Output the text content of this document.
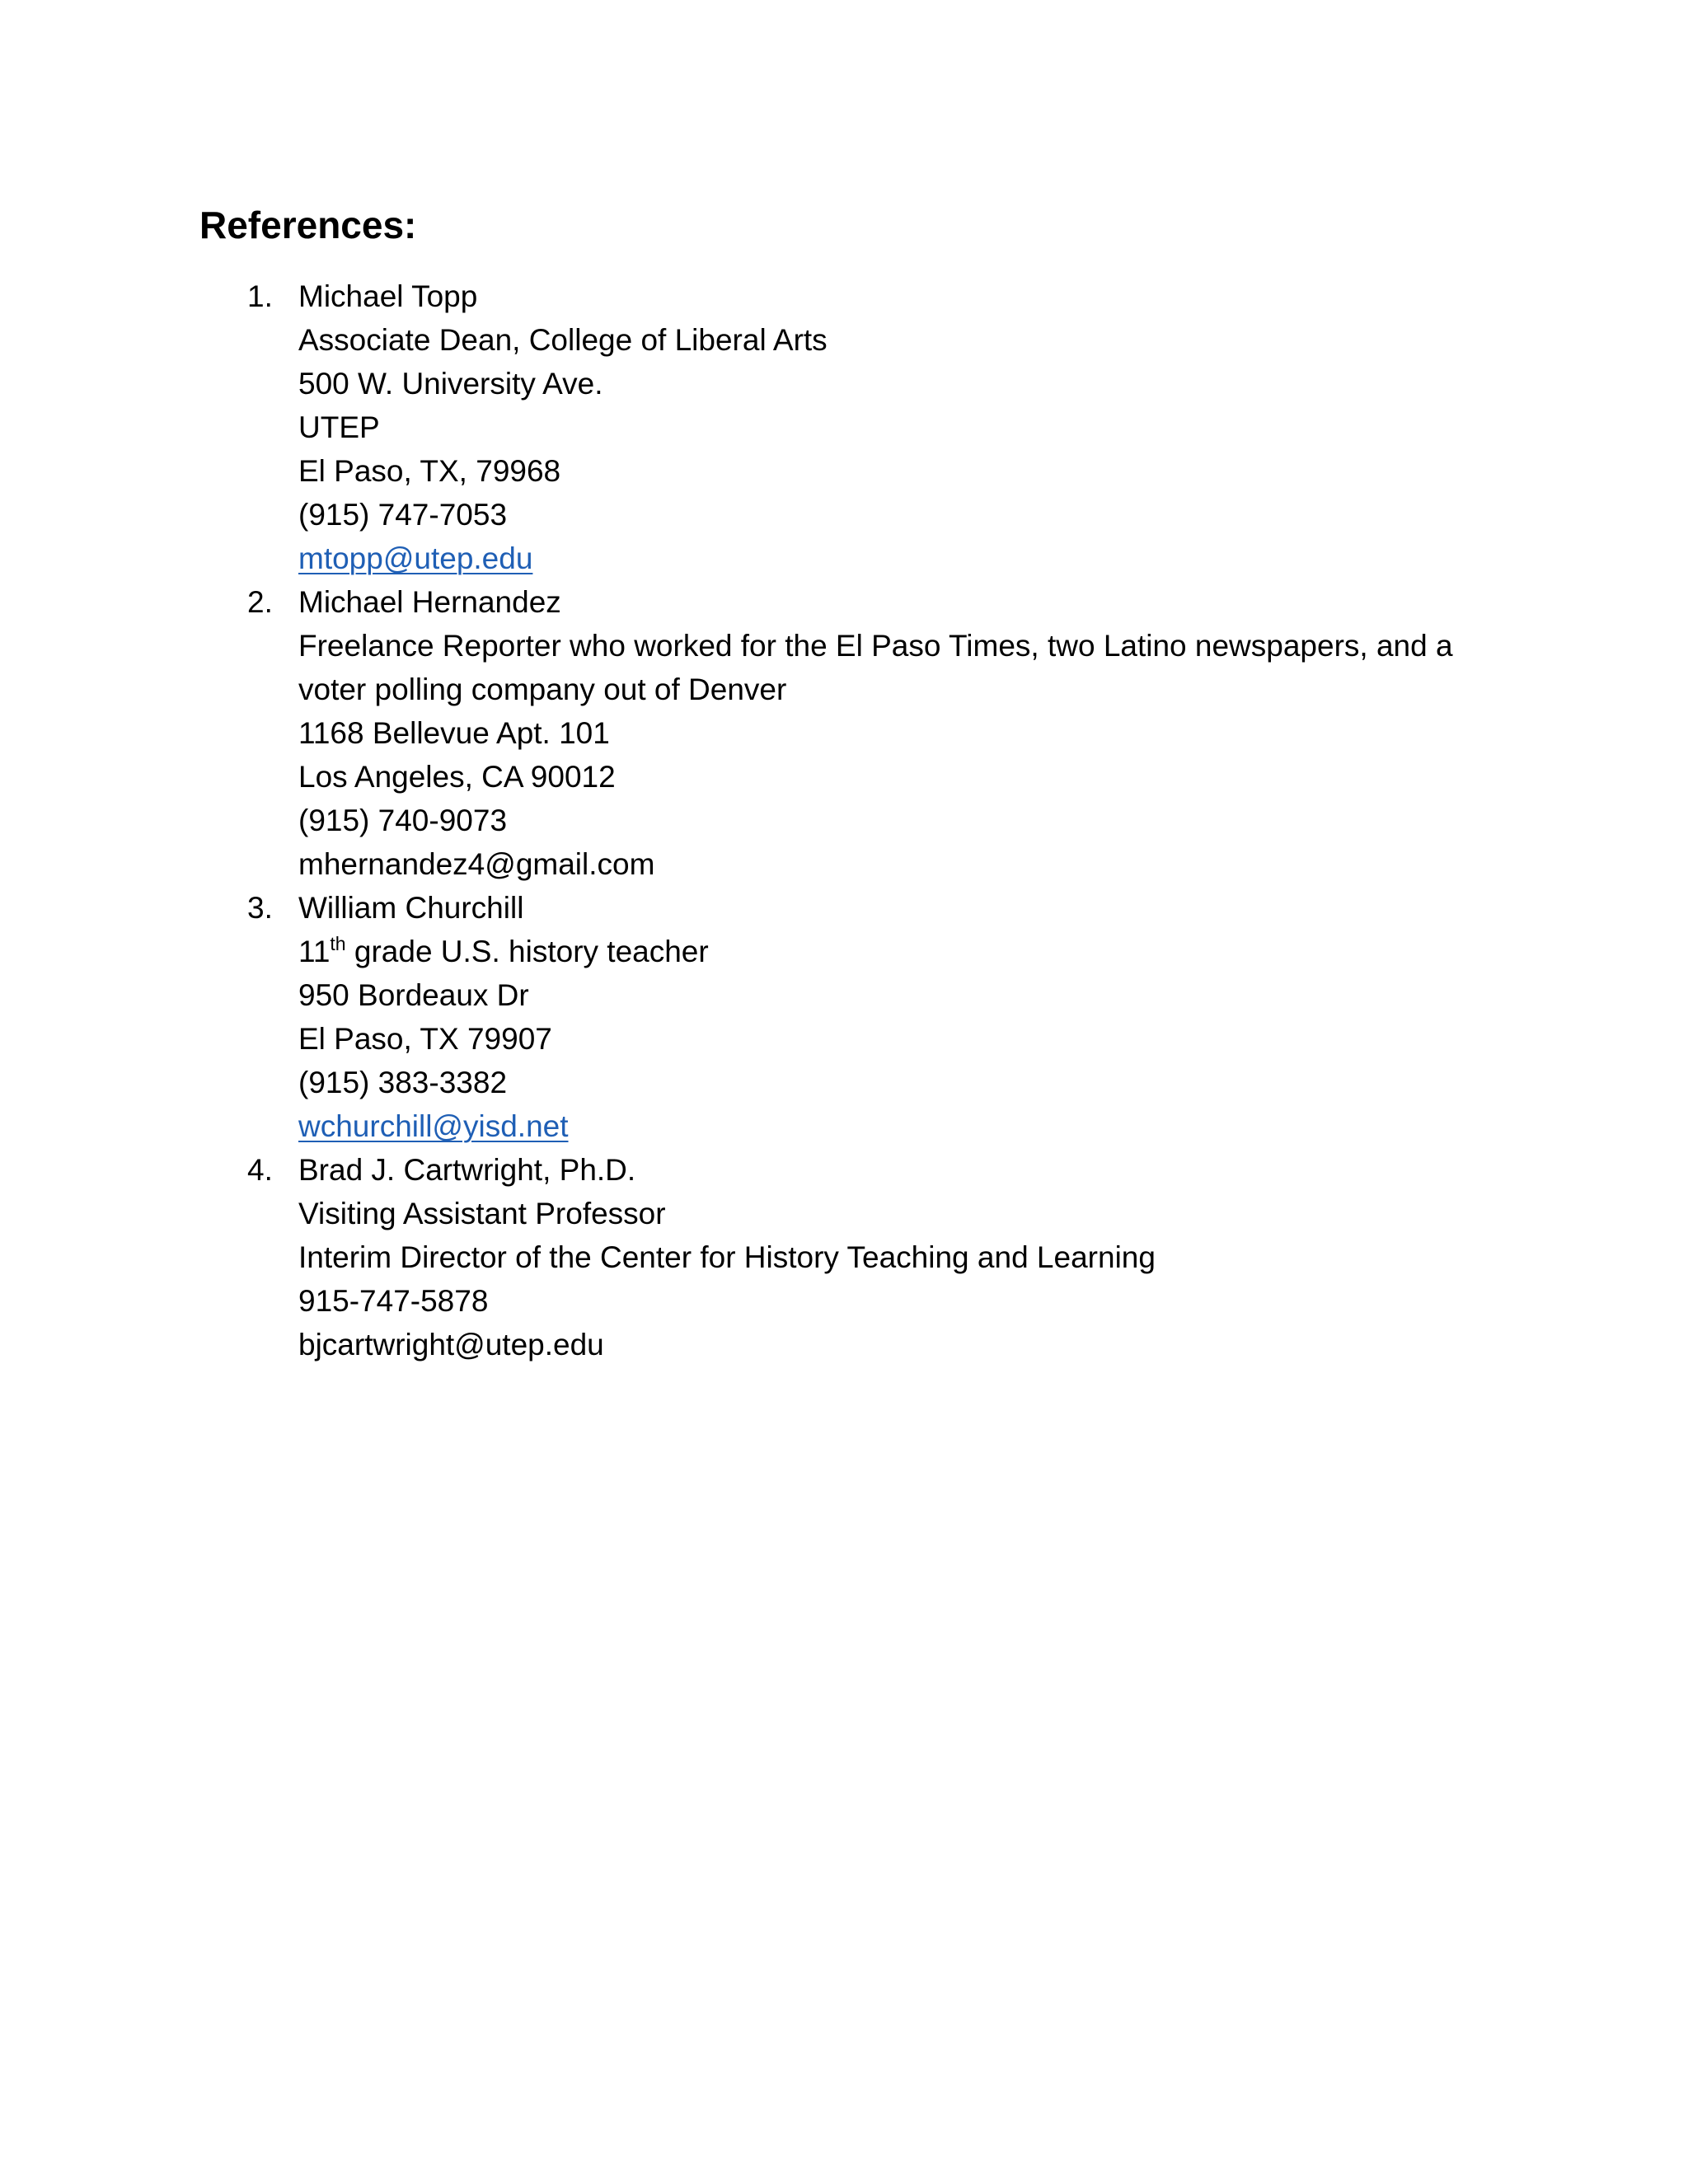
References:
1. Michael Topp
Associate Dean, College of Liberal Arts
500 W. University Ave.
UTEP
El Paso, TX, 79968
(915) 747-7053
mtopp@utep.edu
2. Michael Hernandez
Freelance Reporter who worked for the El Paso Times, two Latino newspapers, and a voter polling company out of Denver
1168 Bellevue Apt. 101
Los Angeles, CA 90012
(915) 740-9073
mhernandez4@gmail.com
3. William Churchill
11th grade U.S. history teacher
950 Bordeaux Dr
El Paso, TX 79907
(915) 383-3382
wchurchill@yisd.net
4. Brad J. Cartwright, Ph.D.
Visiting Assistant Professor
Interim Director of the Center for History Teaching and Learning
915-747-5878
bjcartwright@utep.edu
